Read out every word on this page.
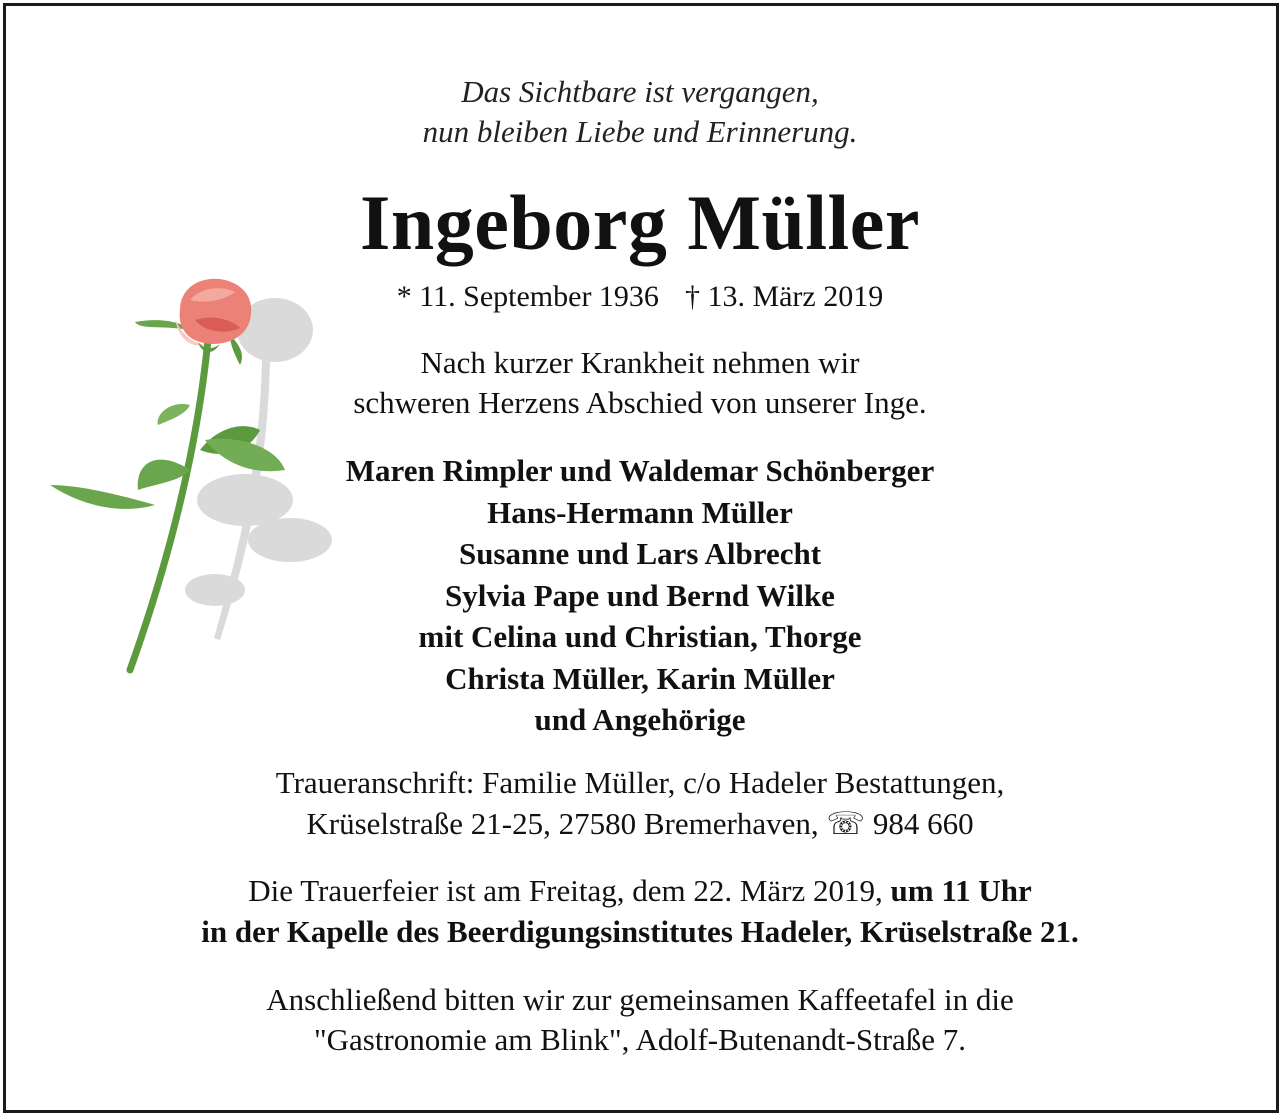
Das Sichtbare ist vergangen,
nun bleiben Liebe und Erinnerung.
Ingeborg Müller
* 11. September 1936 † 13. März 2019
Nach kurzer Krankheit nehmen wir
schweren Herzens Abschied von unserer Inge.
Maren Rimpler und Waldemar Schönberger
Hans-Hermann Müller
Susanne und Lars Albrecht
Sylvia Pape und Bernd Wilke
mit Celina und Christian, Thorge
Christa Müller, Karin Müller
und Angehörige
Traueranschrift: Familie Müller, c/o Hadeler Bestattungen,
Krüselstraße 21-25, 27580 Bremerhaven, ☏ 984 660
Die Trauerfeier ist am Freitag, dem 22. März 2019, um 11 Uhr
in der Kapelle des Beerdigungsinstitutes Hadeler, Krüselstraße 21.
Anschließend bitten wir zur gemeinsamen Kaffeetafel in die
"Gastronomie am Blink", Adolf-Butenandt-Straße 7.
